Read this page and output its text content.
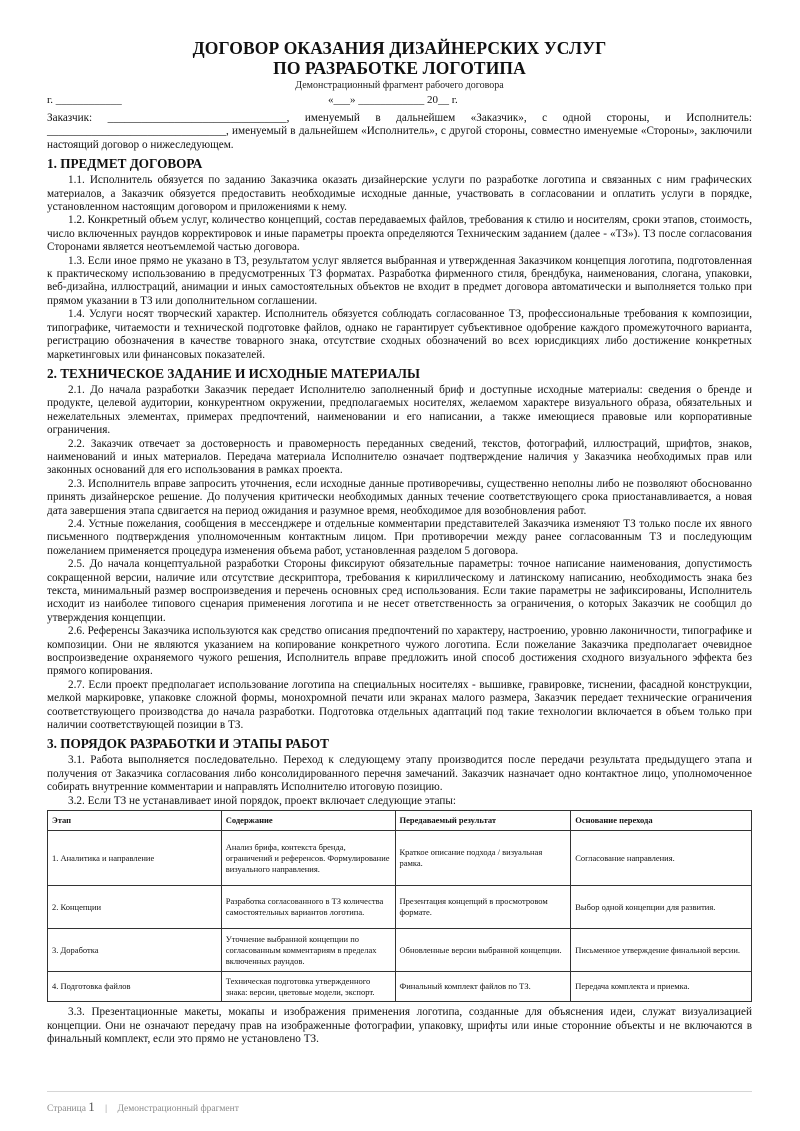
ДОГОВОР ОКАЗАНИЯ ДИЗАЙНЕРСКИХ УСЛУГ
ПО РАЗРАБОТКЕ ЛОГОТИПА
Демонстрационный фрагмент рабочего договора
г. ____________	«___» ____________ 20__ г.

Заказчик: ________________________________, именуемый в дальнейшем «Заказчик», с одной стороны, и Исполнитель: ________________________________, именуемый в дальнейшем «Исполнитель», с другой стороны, совместно именуемые «Стороны», заключили настоящий договор о нижеследующем.

1. ПРЕДМЕТ ДОГОВОРА

1.1. Исполнитель обязуется по заданию Заказчика оказать дизайнерские услуги по разработке логотипа и связанных с ним графических материалов, а Заказчик обязуется предоставить необходимые исходные данные, участвовать в согласовании и оплатить услуги в порядке, установленном настоящим договором и приложениями к нему.

1.2. Конкретный объем услуг, количество концепций, состав передаваемых файлов, требования к стилю и носителям, сроки этапов, стоимость, число включенных раундов корректировок и иные параметры проекта определяются Техническим заданием (далее - «ТЗ»). ТЗ после согласования Сторонами является неотъемлемой частью договора.

1.3. Если иное прямо не указано в ТЗ, результатом услуг является выбранная и утвержденная Заказчиком концепция логотипа, подготовленная к практическому использованию в предусмотренных ТЗ форматах. Разработка фирменного стиля, брендбука, наименования, слогана, упаковки, веб-дизайна, иллюстраций, анимации и иных самостоятельных объектов не входит в предмет договора автоматически и выполняется только при прямом указании в ТЗ или дополнительном соглашении.

1.4. Услуги носят творческий характер. Исполнитель обязуется соблюдать согласованное ТЗ, профессиональные требования к композиции, типографике, читаемости и технической подготовке файлов, однако не гарантирует субъективное одобрение каждого промежуточного варианта, регистрацию обозначения в качестве товарного знака, отсутствие сходных обозначений во всех юрисдикциях либо достижение конкретных маркетинговых или финансовых показателей.

2. ТЕХНИЧЕСКОЕ ЗАДАНИЕ И ИСХОДНЫЕ МАТЕРИАЛЫ

2.1. До начала разработки Заказчик передает Исполнителю заполненный бриф и доступные исходные материалы: сведения о бренде и продукте, целевой аудитории, конкурентном окружении, предполагаемых носителях, желаемом характере визуального образа, обязательных и нежелательных элементах, примерах предпочтений, наименовании и его написании, а также имеющиеся правовые или корпоративные ограничения.

2.2. Заказчик отвечает за достоверность и правомерность переданных сведений, текстов, фотографий, иллюстраций, шрифтов, знаков, наименований и иных материалов. Передача материала Исполнителю означает подтверждение наличия у Заказчика необходимых прав или законных оснований для его использования в рамках проекта.

2.3. Исполнитель вправе запросить уточнения, если исходные данные противоречивы, существенно неполны либо не позволяют обоснованно принять дизайнерское решение. До получения критически необходимых данных течение соответствующего срока приостанавливается, а новая дата завершения этапа сдвигается на период ожидания и разумное время, необходимое для возобновления работ.

2.4. Устные пожелания, сообщения в мессенджере и отдельные комментарии представителей Заказчика изменяют ТЗ только после их явного письменного подтверждения уполномоченным контактным лицом. При противоречии между ранее согласованным ТЗ и последующим пожеланием применяется процедура изменения объема работ, установленная разделом 5 договора.

2.5. До начала концептуальной разработки Стороны фиксируют обязательные параметры: точное написание наименования, допустимость сокращенной версии, наличие или отсутствие дескриптора, требования к кириллическому и латинскому написанию, необходимость знака без текста, минимальный размер воспроизведения и перечень основных сред использования. Если такие параметры не зафиксированы, Исполнитель исходит из наиболее типового сценария применения логотипа и не несет ответственность за ограничения, о которых Заказчик не сообщил до утверждения концепции.

2.6. Референсы Заказчика используются как средство описания предпочтений по характеру, настроению, уровню лаконичности, типографике и композиции. Они не являются указанием на копирование конкретного чужого логотипа. Если пожелание Заказчика предполагает очевидное воспроизведение охраняемого чужого решения, Исполнитель вправе предложить иной способ достижения сходного визуального эффекта без прямого копирования.

2.7. Если проект предполагает использование логотипа на специальных носителях - вышивке, гравировке, тиснении, фасадной конструкции, мелкой маркировке, упаковке сложной формы, монохромной печати или экранах малого размера, Заказчик передает технические ограничения соответствующего производства до начала разработки. Подготовка отдельных адаптаций под такие технологии включается в объем только при наличии соответствующей позиции в ТЗ.

3. ПОРЯДОК РАЗРАБОТКИ И ЭТАПЫ РАБОТ

3.1. Работа выполняется последовательно. Переход к следующему этапу производится после передачи результата предыдущего этапа и получения от Заказчика согласования либо консолидированного перечня замечаний. Заказчик назначает одно контактное лицо, уполномоченное собирать внутренние комментарии и направлять Исполнителю итоговую позицию.

3.2. Если ТЗ не устанавливает иной порядок, проект включает следующие этапы:

Этап	Содержание	Передаваемый результат	Основание перехода
1. Аналитика и направление	Анализ брифа, контекста бренда, ограничений и референсов. Формулирование визуального направления.	Краткое описание подхода / визуальная рамка.	Согласование направления.
2. Концепции	Разработка согласованного в ТЗ количества самостоятельных вариантов логотипа.	Презентация концепций в просмотровом формате.	Выбор одной концепции для развития.
3. Доработка	Уточнение выбранной концепции по согласованным комментариям в пределах включенных раундов.	Обновленные версии выбранной концепции.	Письменное утверждение финальной версии.
4. Подготовка файлов	Техническая подготовка утвержденного знака: версии, цветовые модели, экспорт.	Финальный комплект файлов по ТЗ.	Передача комплекта и приемка.

3.3. Презентационные макеты, мокапы и изображения применения логотипа, созданные для объяснения идеи, служат визуализацией концепции. Они не означают передачу прав на изображенные фотографии, упаковку, шрифты или иные сторонние объекты и не включаются в финальный комплект, если это прямо не установлено ТЗ.

Страница 1 | Демонстрационный фрагмент
